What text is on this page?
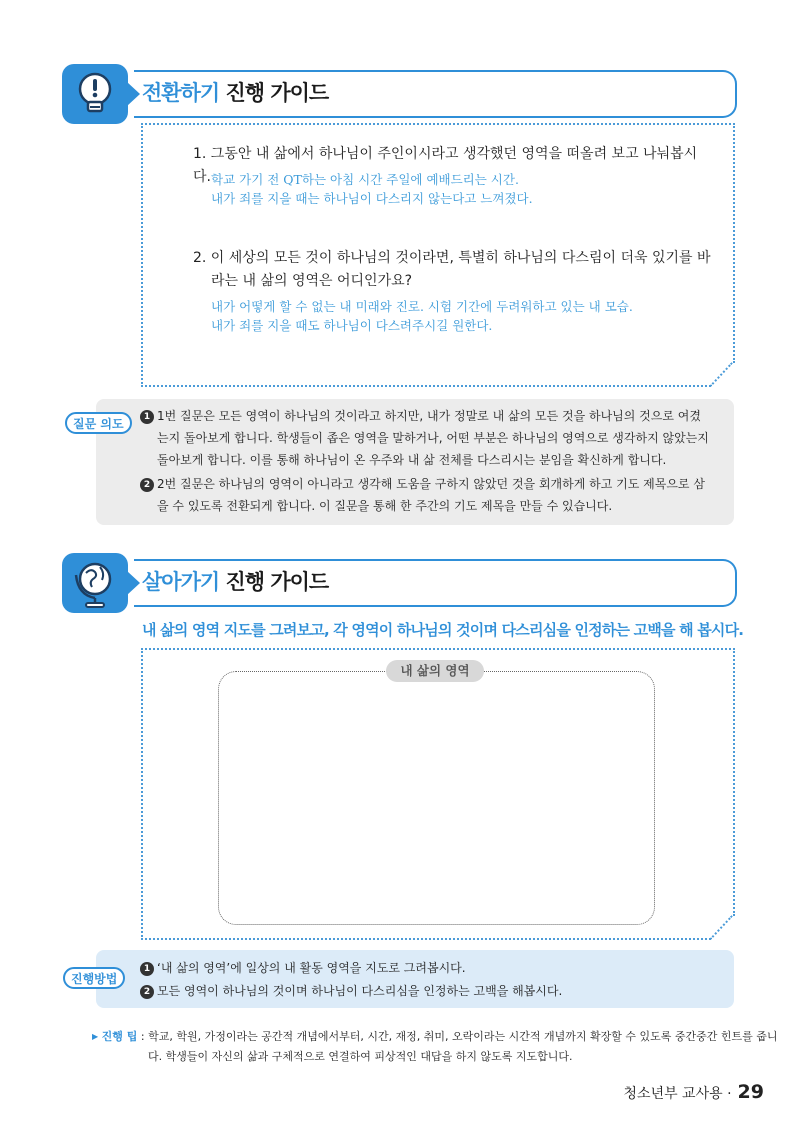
전환하기 진행 가이드
1. 그동안 내 삶에서 하나님이 주인이시라고 생각했던 영역을 떠올려 보고 나눠봅시다. 학교 가기 전 QT하는 아침 시간 주일에 예배드리는 시간.
내가 죄를 지을 때는 하나님이 다스리지 않는다고 느껴졌다.
2. 이 세상의 모든 것이 하나님의 것이라면, 특별히 하나님의 다스림이 더욱 있기를 바
라는 내 삶의 영역은 어디인가요?
내가 어떻게 할 수 없는 내 미래와 진로. 시험 기간에 두려워하고 있는 내 모습.
내가 죄를 지을 때도 하나님이 다스려주시길 원한다.
질문 의도	1 1번 질문은 모든 영역이 하나님의 것이라고 하지만, 내가 정말로 내 삶의 모든 것을 하나님의 것으로 여겼
는지 돌아보게 합니다. 학생들이 좁은 영역을 말하거나, 어떤 부분은 하나님의 영역으로 생각하지 않았는지
돌아보게 합니다. 이를 통해 하나님이 온 우주와 내 삶 전체를 다스리시는 분임을 확신하게 합니다.
2 2번 질문은 하나님의 영역이 아니라고 생각해 도움을 구하지 않았던 것을 회개하게 하고 기도 제목으로 삼
을 수 있도록 전환되게 합니다. 이 질문을 통해 한 주간의 기도 제목을 만들 수 있습니다.
살아가기 진행 가이드
내 삶의 영역 지도를 그려보고, 각 영역이 하나님의 것이며 다스리심을 인정하는 고백을 해 봅시다.
내 삶의 영역
진행방법
1 ‘내 삶의 영역’에 일상의 내 활동 영역을 지도로 그려봅시다.
2 모든 영역이 하나님의 것이며 하나님이 다스리심을 인정하는 고백을 해봅시다.
▶ 진행 팁 : 학교, 학원, 가정이라는 공간적 개념에서부터, 시간, 재정, 취미, 오락이라는 시간적 개념까지 확장할 수 있도록 중간중간 힌트를 줍니
다. 학생들이 자신의 삶과 구체적으로 연결하여 피상적인 대답을 하지 않도록 지도합니다.
청소년부 교사용 · 29
